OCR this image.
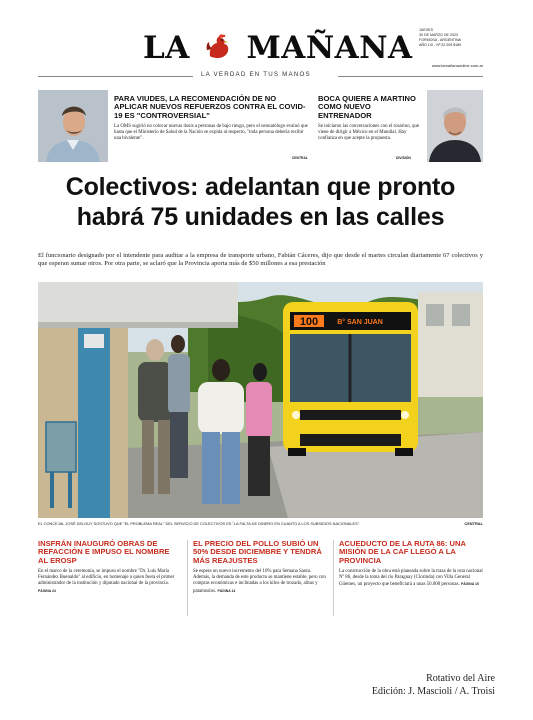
LA MAÑANA JUEVES
30 DE MARZO DE 2023
FORMOSA - ARGENTINA
AÑO LXI - Nº 22.209 $189
www.lamañanaonline.com.ar
LA VERDAD EN TUS MANOS
PARA VIUDES, LA RECOMENDACIÓN DE NO APLICAR NUEVOS REFUERZOS CONTRA EL COVID-19 ES "CONTROVERSIAL"
La OMS sugirió no colocar nuevas dosis a personas de bajo riesgo, pero el neonatólogo evaluó que hasta que el Ministerio de Salud de la Nación se expida al respecto, "toda persona debería recibir una bivalente".
CENTRAL
BOCA QUIERE A MARTINO COMO NUEVO ENTRENADOR
Se iniciaron las conversaciones con el rosarino, que viene de dirigir a México en el Mundial. Hay confianza en que acepte la propuesta.
DIVISIÓN
Colectivos: adelantan que pronto
habrá 75 unidades en las calles
El funcionario designado por el intendente para auditar a la empresa de transporte urbano, Fabián Cáceres, dijo que desde el martes circulan diariamente 67 colectivos y que esperan sumar otros. Por otra parte, se aclaró que la Provincia aporta más de $50 millones a esa prestación
100	B° SAN JUAN
EL CONCEJAL JOSÉ DELGUY SOSTUVO QUE "EL PROBLEMA REAL" DEL SERVICIO DE COLECTIVOS ES "LA FALTA DE DINERO EN CUANTO A LOS SUBSIDIOS NACIONALES".	CENTRAL
INSFRÁN INAUGURÓ OBRAS DE REFACCIÓN E IMPUSO EL NOMBRE AL EROSP
En el marco de la ceremonia, se impuso el nombre "Dr. Luis María Fernández Buenaldo" al edificio, en homenaje a quien fuera el primer administrador de la institución y diputado nacional de la provincia. PÁGINA 24
EL PRECIO DEL POLLO SUBIÓ UN 50% DESDE DICIEMBRE Y TENDRÁ MÁS REAJUSTES
Se espera un nuevo incremento del 10% para Semana Santa. Además, la demanda de este producto se mantiene estable, pero con compras económicas e inclinadas a los kilos de trozado, alitas y patamuslos. PÁGINA 14
ACUEDUCTO DE LA RUTA 86: UNA MISIÓN DE LA CAF LLEGÓ A LA PROVINCIA
La construcción de la obra está planeada sobre la traza de la ruta nacional Nº 86, desde la toma del río Paraguay (Clorinda) con Villa General Güemes, un proyecto que beneficiará a unas 50.000 personas. PÁGINA 15
Rotativo del Aire
Edición: J. Mascioli / A. Troisi
